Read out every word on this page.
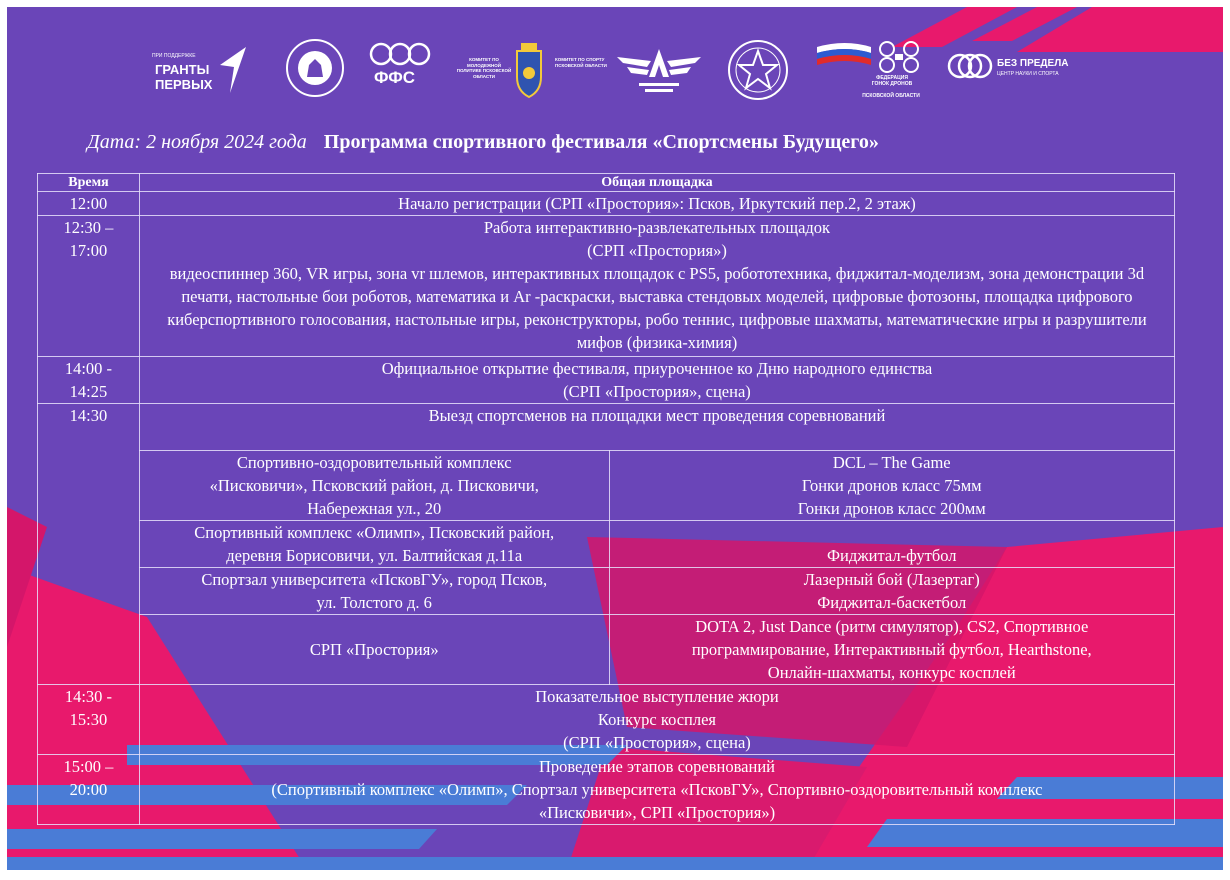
ПРИ ПОДДЕРЖКЕ
ГРАНТЫ
ПЕРВЫХ	ФФС
КОМИТЕТ ПО МОЛОДЕЖНОЙ ПОЛИТИКЕ ПСКОВСКОЙ ОБЛАСТИ
КОМИТЕТ ПО СПОРТУ ПСКОВСКОЙ ОБЛАСТИ
ФЕДЕРАЦИЯ
ГОНОК ДРОНОВ
ПСКОВСКОЙ ОБЛАСТИ
БЕЗ ПРЕДЕЛА
ЦЕНТР НАУКИ И СПОРТА
Дата: 2 ноября 2024 года Программа спортивного фестиваля «Спортсмены Будущего»
Время	Общая площадка	
12:00	Начало регистрации (СРП «Простория»: Псков, Иркутский пер.2, 2 этаж)	

12:30 –
17:00	Работа интерактивно-развлекательных площадок
(СРП «Простория»)
видеоспиннер 360, VR игры, зона vr шлемов, интерактивных площадок с PS5, робототехника, фиджитал-моделизм, зона демонстрации 3d печати, настольные бои роботов, математика и Ar -раскраски, выставка стендовых моделей, цифровые фотозоны, площадка цифрового киберспортивного голосования, настольные игры, реконструкторы, робо теннис, цифровые шахматы, математические игры и разрушители мифов (физика-химия)	

14:00 -
14:25	Официальное открытие фестиваля, приуроченное ко Дню народного единства
(СРП «Простория», сцена)	

14:30	Выезд спортсменов на площадки мест проведения соревнований	

	Спортивно-оздоровительный комплекс
«Писковичи», Псковский район, д. Писковичи,
Набережная ул., 20	DCL – The Game
Гонки дронов класс 75мм
Гонки дронов класс 200мм

	Спортивный комплекс «Олимп», Псковский район,
деревня Борисовичи, ул. Балтийская д.11а	Фиджитал-футбол

	Спортзал университета «ПсковГУ», город Псков,
ул. Толстого д. 6	Лазерный бой (Лазертаг)
Фиджитал-баскетбол

	СРП «Простория»	DOTA 2, Just Dance (ритм симулятор), CS2, Спортивное
программирование, Интерактивный футбол, Hearthstone,
Онлайн-шахматы, конкурс косплей

14:30 -
15:30	Показательное выступление жюри
Конкурс косплея
(СРП «Простория», сцена)	

15:00 –
20:00	Проведение этапов соревнований
(Спортивный комплекс «Олимп», Спортзал университета «ПсковГУ», Спортивно-оздоровительный комплекс
«Писковичи», СРП «Простория»)	
